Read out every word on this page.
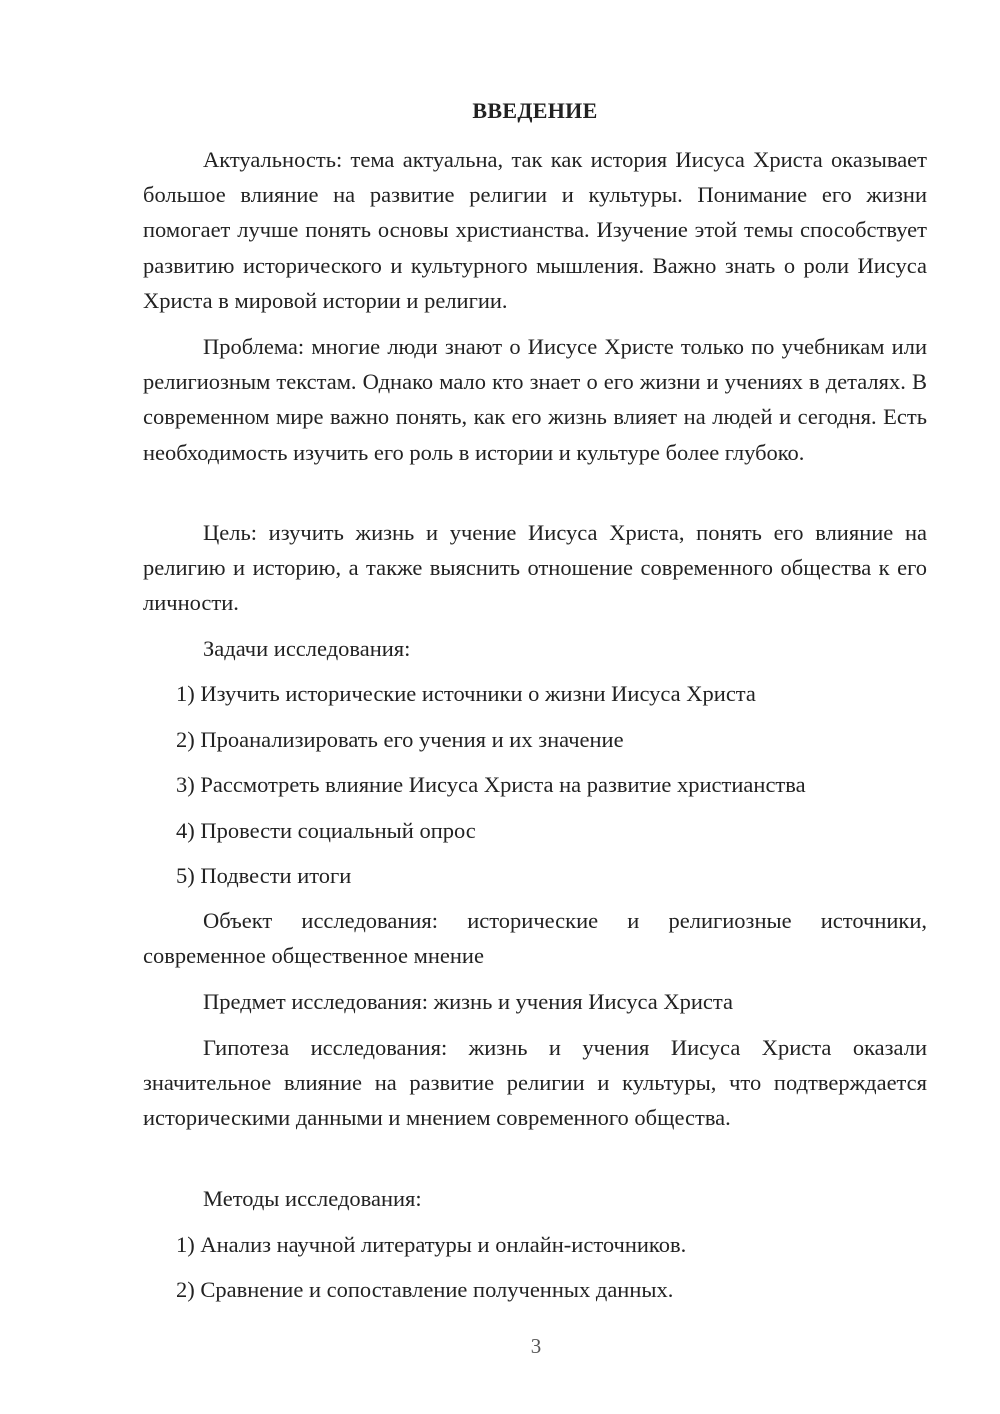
ВВЕДЕНИЕ

Актуальность: тема актуальна, так как история Иисуса Христа оказывает большое влияние на развитие религии и культуры. Понимание его жизни помогает лучше понять основы христианства. Изучение этой темы способствует развитию исторического и культурного мышления. Важно знать о роли Иисуса Христа в мировой истории и религии.

Проблема: многие люди знают о Иисусе Христе только по учебникам или религиозным текстам. Однако мало кто знает о его жизни и учениях в деталях. В современном мире важно понять, как его жизнь влияет на людей и сегодня. Есть необходимость изучить его роль в истории и культуре более глубоко.

Цель: изучить жизнь и учение Иисуса Христа, понять его влияние на религию и историю, а также выяснить отношение современного общества к его личности.

Задачи исследования:
1) Изучить исторические источники о жизни Иисуса Христа
2) Проанализировать его учения и их значение
3) Рассмотреть влияние Иисуса Христа на развитие христианства
4) Провести социальный опрос
5) Подвести итоги

Объект исследования: исторические и религиозные источники, современное общественное мнение

Предмет исследования: жизнь и учения Иисуса Христа

Гипотеза исследования: жизнь и учения Иисуса Христа оказали значительное влияние на развитие религии и культуры, что подтверждается историческими данными и мнением современного общества.

Методы исследования:
1) Анализ научной литературы и онлайн-источников.
2) Сравнение и сопоставление полученных данных.
3
